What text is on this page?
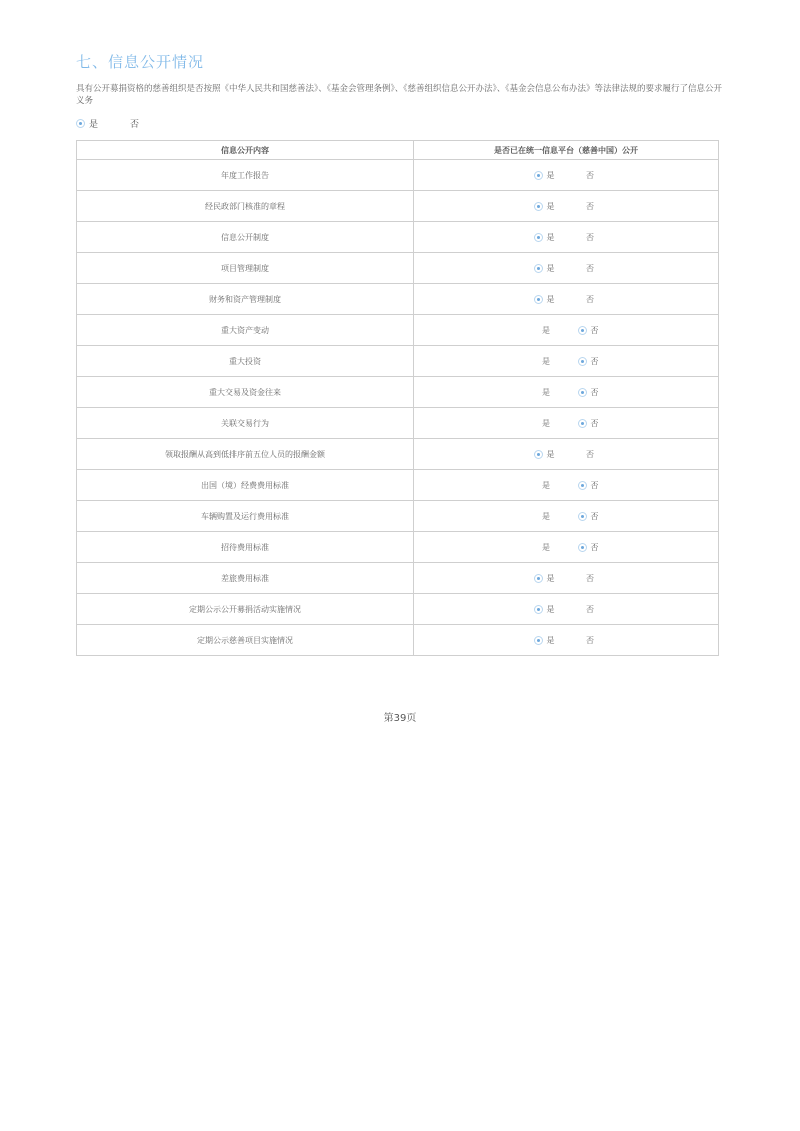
七、信息公开情况
具有公开募捐资格的慈善组织是否按照《中华人民共和国慈善法》、《基金会管理条例》、《慈善组织信息公开办法》、《基金会信息公布办法》等法律法规的要求履行了信息公开义务
是	否
信息公开内容	是否已在统一信息平台（慈善中国）公开
年度工作报告	是 否

经民政部门核准的章程	是 否

信息公开制度	是 否

项目管理制度	是 否

财务和资产管理制度	是 否

重大资产变动	是 否

重大投资	是 否

重大交易及资金往来	是 否

关联交易行为	是 否

领取报酬从高到低排序前五位人员的报酬金额	是 否

出国（境）经费费用标准	是 否

车辆购置及运行费用标准	是 否

招待费用标准	是 否

差旅费用标准	是 否

定期公示公开募捐活动实施情况	是 否

定期公示慈善项目实施情况	是 否
第39页
